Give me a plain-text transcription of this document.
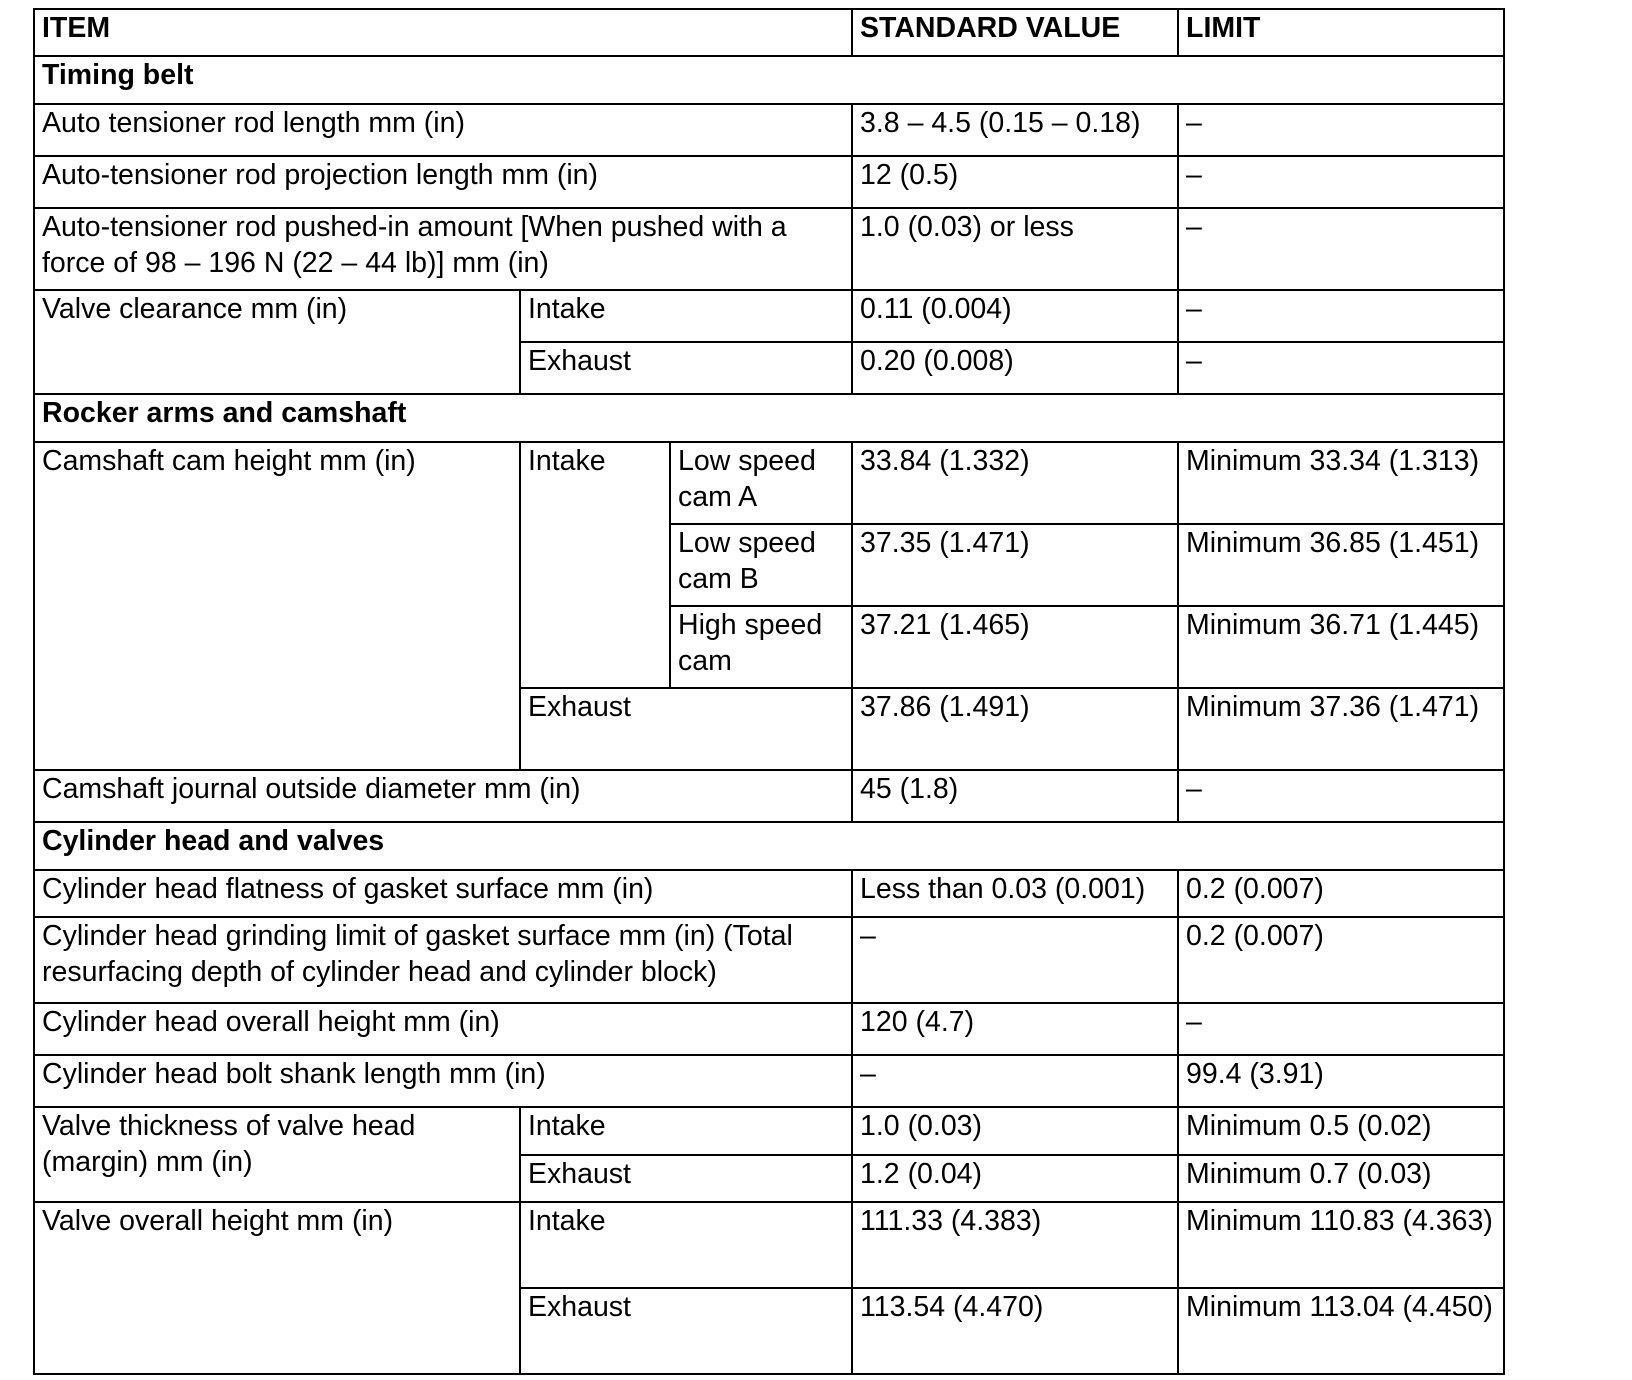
ITEM			STANDARD VALUE	LIMIT
Timing belt				
Auto tensioner rod length mm (in)			3.8 – 4.5 (0.15 – 0.18)	–
Auto-tensioner rod projection length mm (in)			12 (0.5)	–
Auto-tensioner rod pushed-in amount [When pushed with a force of 98 – 196 N (22 – 44 lb)] mm (in)			1.0 (0.03) or less	–
Valve clearance mm (in)	Intake		0.11 (0.004)	–
	Exhaust		0.20 (0.008)	–
Rocker arms and camshaft				
Camshaft cam height mm (in)	Intake	Low speed cam A	33.84 (1.332)	Minimum 33.34 (1.313)
		Low speed cam B	37.35 (1.471)	Minimum 36.85 (1.451)
		High speed cam	37.21 (1.465)	Minimum 36.71 (1.445)
	Exhaust		37.86 (1.491)	Minimum 37.36 (1.471)
Camshaft journal outside diameter mm (in)			45 (1.8)	–
Cylinder head and valves				
Cylinder head flatness of gasket surface mm (in)			Less than 0.03 (0.001)	0.2 (0.007)
Cylinder head grinding limit of gasket surface mm (in) (Total resurfacing depth of cylinder head and cylinder block)			–	0.2 (0.007)
Cylinder head overall height mm (in)			120 (4.7)	–
Cylinder head bolt shank length mm (in)			–	99.4 (3.91)
Valve thickness of valve head (margin) mm (in)	Intake		1.0 (0.03)	Minimum 0.5 (0.02)
	Exhaust		1.2 (0.04)	Minimum 0.7 (0.03)
Valve overall height mm (in)	Intake		111.33 (4.383)	Minimum 110.83 (4.363)
	Exhaust		113.54 (4.470)	Minimum 113.04 (4.450)
